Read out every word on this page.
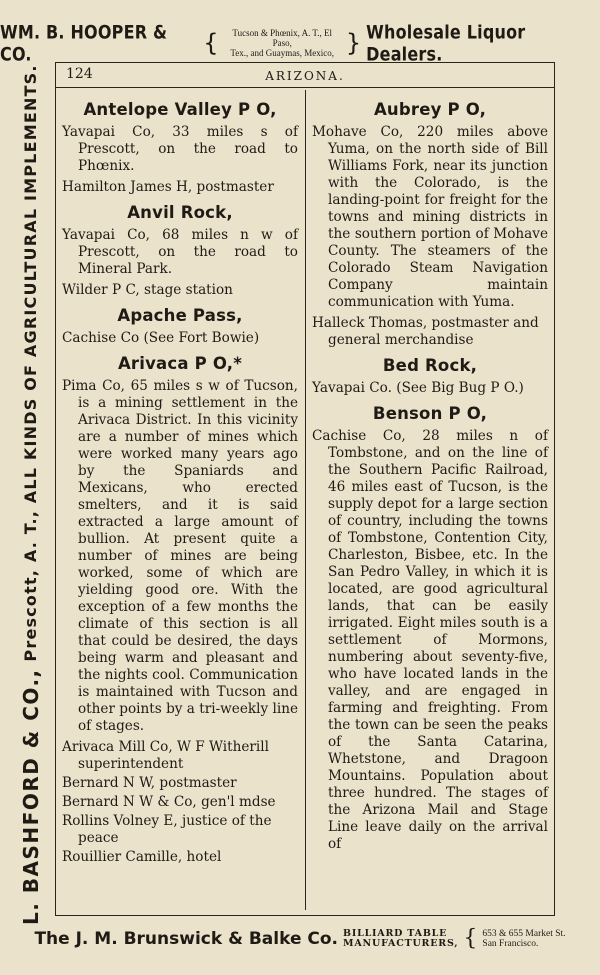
WM. B. HOOPER & CO.	{	Tucson & Phœnix, A. T., El Paso,
Tex., and Guaymas, Mexico, } Wholesale Liquor Dealers.
L. BASHFORD & CO., Prescott, A. T., ALL KINDS OF AGRICULTURAL IMPLEMENTS. 124	ARIZONA.
Antelope Valley P O,
Yavapai Co, 33 miles s of Prescott, on the road to Phœnix.
Hamilton James H, postmaster
Anvil Rock,
Yavapai Co, 68 miles n w of Prescott, on the road to Mineral Park.
Wilder P C, stage station
Apache Pass,
Cachise Co (See Fort Bowie)
Arivaca P O,*
Pima Co, 65 miles s w of Tucson, is a mining settlement in the Arivaca District. In this vicinity are a number of mines which were worked many years ago by the Spaniards and Mexicans, who erected smelters, and it is said extracted a large amount of bullion. At present quite a number of mines are being worked, some of which are yielding good ore. With the exception of a few months the climate of this section is all that could be desired, the days being warm and pleasant and the nights cool. Communication is maintained with Tucson and other points by a tri-weekly line of stages.
Arivaca Mill Co, W F Witherill superintendent
Bernard N W, postmaster
Bernard N W & Co, gen'l mdse
Rollins Volney E, justice of the peace
Rouillier Camille, hotel
Aubrey P O,
Mohave Co, 220 miles above Yuma, on the north side of Bill Williams Fork, near its junction with the Colorado, is the landing-point for freight for the towns and mining districts in the southern portion of Mohave County. The steamers of the Colorado Steam Navigation Company maintain communication with Yuma.
Halleck Thomas, postmaster and general merchandise
Bed Rock,
Yavapai Co. (See Big Bug P O.)
Benson P O,
Cachise Co, 28 miles n of Tombstone, and on the line of the Southern Pacific Railroad, 46 miles east of Tucson, is the supply depot for a large section of country, including the towns of Tombstone, Contention City, Charleston, Bisbee, etc. In the San Pedro Valley, in which it is located, are good agricultural lands, that can be easily irrigated. Eight miles south is a settlement of Mormons, numbering about seventy-five, who have located lands in the valley, and are engaged in farming and freighting. From the town can be seen the peaks of the Santa Catarina, Whetstone, and Dragoon Mountains. Population about three hundred. The stages of the Arizona Mail and Stage Line leave daily on the arrival of
The J. M. Brunswick & Balke Co. BILLIARD TABLE
MANUFACTURERS, { 653 & 655 Market St.
San Francisco.
